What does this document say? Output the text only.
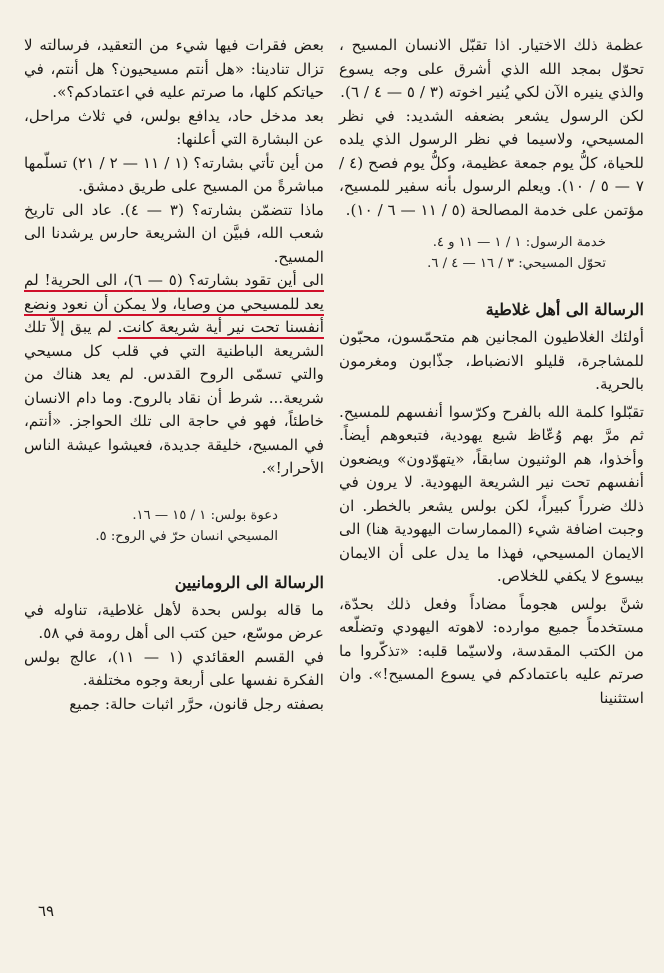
عظمة ذلك الاختيار. اذا تقبّل الانسان المسيح ، تحوّل بمجد الله الذي أشرق على وجه يسوع والذي ينيره الآن لكي يُنير اخوته (٣ / ٥ — ٤ / ٦).

لكن الرسول يشعر بضعفه الشديد: في نظر المسيحي، ولاسيما في نظر الرسول الذي يلده للحياة، كلُّ يوم جمعة عظيمة، وكلُّ يوم فصح (٤ / ٧ — ٥ / ١٠). ويعلم الرسول بأنه سفير للمسيح، مؤتمن على خدمة المصالحة (٥ / ١١ — ٦ / ١٠).

خدمة الرسول: ١ / ١ — ١١ و ٤.
تحوّل المسيحي: ٣ / ١٦ — ٤ / ٦.
الرسالة الى أهل غلاطية

أولئك الغلاطيون المجانين هم متحمّسون، محبّون للمشاجرة، قليلو الانضباط، جذّابون ومغرمون بالحرية.

تقبّلوا كلمة الله بالفرح وكرّسوا أنفسهم للمسيح. ثم مرَّ بهم وُعّاظ شيع يهودية، فتبعوهم أيضاً. وأخذوا، هم الوثنيون سابقاً، «يتهوّدون» ويضعون أنفسهم تحت نير الشريعة اليهودية. لا يرون في ذلك ضرراً كبيراً، لكن بولس يشعر بالخطر. ان وجبت اضافة شيء (الممارسات اليهودية هنا) الى الايمان المسيحي، فهذا ما يدل على أن الايمان بيسوع لا يكفي للخلاص.

شنَّ بولس هجوماً مضاداً وفعل ذلك بحدّة، مستخدماً جميع موارده: لاهوته اليهودي وتضلّعه من الكتب المقدسة، ولاسيّما قلبه: «تذكّروا ما صرتم عليه باعتمادكم في يسوع المسيح!». وان استثنينا

بعض فقرات فيها شيء من التعقيد، فرسالته لا تزال تنادينا: «هل أنتم مسيحيون؟ هل أنتم، في حياتكم كلها، ما صرتم عليه في اعتمادكم؟».

بعد مدخل حاد، يدافع بولس، في ثلاث مراحل، عن البشارة التي أعلنها:

من أين تأتي بشارته؟ (١ / ١١ — ٢ / ٢١) تسلّمها مباشرةً من المسيح على طريق دمشق.

ماذا تتضمّن بشارته؟ (٣ — ٤). عاد الى تاريخ شعب الله، فبيَّن ان الشريعة حارس يرشدنا الى المسيح.

الى أين تقود بشارته؟ (٥ — ٦)، الى الحرية! لم يعد للمسيحي من وصايا، ولا يمكن أن نعود ونضع أنفسنا تحت نير أية شريعة كانت. لم يبق إلاّ تلك الشريعة الباطنية التي في قلب كل مسيحي والتي تسمّى الروح القدس. لم يعد هناك من شريعة... شرط أن نقاد بالروح. وما دام الانسان خاطئاً، فهو في حاجة الى تلك الحواجز. «أنتم، في المسيح، خليقة جديدة، فعيشوا عيشة الناس الأحرار!».

دعوة بولس: ١ / ١٥ — ١٦.
المسيحي انسان حرّ في الروح: ٥.
الرسالة الى الرومانيين

ما قاله بولس بحدة لأهل غلاطية، تناوله في عرض موسّع، حين كتب الى أهل رومة في ٥٨.

في القسم العقائدي (١ — ١١)، عالج بولس الفكرة نفسها على أربعة وجوه مختلفة.

بصفته رجل قانون، حرَّر اثبات حالة: جميع

٦٩
